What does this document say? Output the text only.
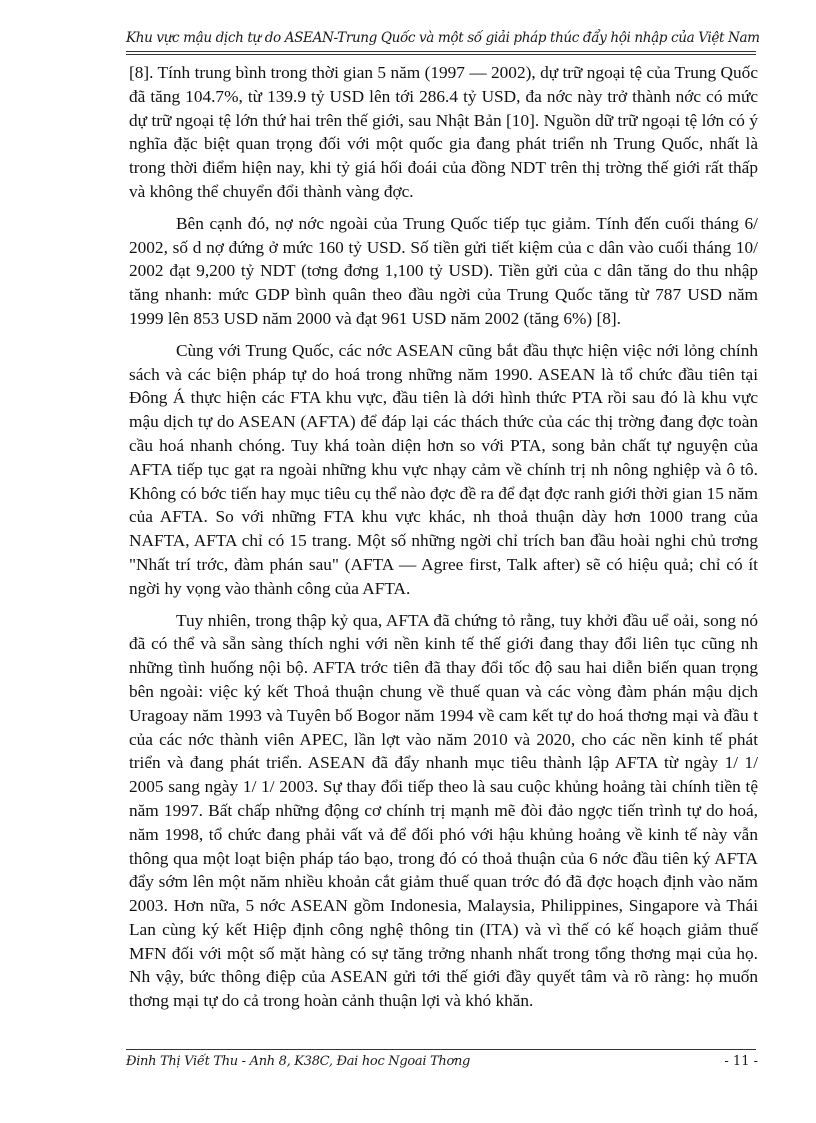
Khu vực mậu dịch tự do ASEAN-Trung Quốc và một số giải pháp thúc đẩy hội nhập của Việt Nam

[8]. Tính trung bình trong thời gian 5 năm (1997 — 2002), dự trữ ngoại tệ của Trung Quốc đã tăng 104.7%, từ 139.9 tỷ USD lên tới 286.4 tỷ USD, đa nớc này trở thành nớc có mức dự trữ ngoại tệ lớn thứ hai trên thế giới, sau Nhật Bản [10]. Nguồn dữ trữ ngoại tệ lớn có ý nghĩa đặc biệt quan trọng đối với một quốc gia đang phát triển nh Trung Quốc, nhất là trong thời điểm hiện nay, khi tỷ giá hối đoái của đồng NDT trên thị trờng thế giới rất thấp và không thể chuyển đổi thành vàng đợc.

Bên cạnh đó, nợ nớc ngoài của Trung Quốc tiếp tục giảm. Tính đến cuối tháng 6/ 2002, số d nợ đứng ở mức 160 tỷ USD. Số tiền gửi tiết kiệm của c dân vào cuối tháng 10/ 2002 đạt 9,200 tỷ NDT (tơng đơng 1,100 tỷ USD). Tiền gửi của c dân tăng do thu nhập tăng nhanh: mức GDP bình quân theo đầu ngời của Trung Quốc tăng từ 787 USD năm 1999 lên 853 USD năm 2000 và đạt 961 USD năm 2002 (tăng 6%) [8].

Cùng với Trung Quốc, các nớc ASEAN cũng bắt đầu thực hiện việc nới lỏng chính sách và các biện pháp tự do hoá trong những năm 1990. ASEAN là tổ chức đầu tiên tại Đông Á thực hiện các FTA khu vực, đầu tiên là dới hình thức PTA rồi sau đó là khu vực mậu dịch tự do ASEAN (AFTA) để đáp lại các thách thức của các thị trờng đang đợc toàn cầu hoá nhanh chóng. Tuy khá toàn diện hơn so với PTA, song bản chất tự nguyện của AFTA tiếp tục gạt ra ngoài những khu vực nhạy cảm về chính trị nh nông nghiệp và ô tô. Không có bớc tiến hay mục tiêu cụ thể nào đợc đề ra để đạt đợc ranh giới thời gian 15 năm của AFTA. So với những FTA khu vực khác, nh thoả thuận dày hơn 1000 trang của NAFTA, AFTA chỉ có 15 trang. Một số những ngời chỉ trích ban đầu hoài nghi chủ trơng "Nhất trí trớc, đàm phán sau" (AFTA — Agree first, Talk after) sẽ có hiệu quả; chỉ có ít ngời hy vọng vào thành công của AFTA.

Tuy nhiên, trong thập kỷ qua, AFTA đã chứng tỏ rằng, tuy khởi đầu uể oải, song nó đã có thể và sẵn sàng thích nghi với nền kinh tế thế giới đang thay đổi liên tục cũng nh những tình huống nội bộ. AFTA trớc tiên đã thay đổi tốc độ sau hai diễn biến quan trọng bên ngoài: việc ký kết Thoả thuận chung về thuế quan và các vòng đàm phán mậu dịch Uragoay năm 1993 và Tuyên bố Bogor năm 1994 về cam kết tự do hoá thơng mại và đầu t của các nớc thành viên APEC, lần lợt vào năm 2010 và 2020, cho các nền kinh tế phát triển và đang phát triển. ASEAN đã đẩy nhanh mục tiêu thành lập AFTA từ ngày 1/ 1/ 2005 sang ngày 1/ 1/ 2003. Sự thay đổi tiếp theo là sau cuộc khủng hoảng tài chính tiền tệ năm 1997. Bất chấp những động cơ chính trị mạnh mẽ đòi đảo ngợc tiến trình tự do hoá, năm 1998, tổ chức đang phải vất vả để đối phó với hậu khủng hoảng về kinh tế này vẫn thông qua một loạt biện pháp táo bạo, trong đó có thoả thuận của 6 nớc đầu tiên ký AFTA đẩy sớm lên một năm nhiều khoản cắt giảm thuế quan trớc đó đã đợc hoạch định vào năm 2003. Hơn nữa, 5 nớc ASEAN gồm Indonesia, Malaysia, Philippines, Singapore và Thái Lan cùng ký kết Hiệp định công nghệ thông tin (ITA) và vì thế có kế hoạch giảm thuế MFN đối với một số mặt hàng có sự tăng trởng nhanh nhất trong tổng thơng mại của họ. Nh vậy, bức thông điệp của ASEAN gửi tới thế giới đầy quyết tâm và rõ ràng: họ muốn thơng mại tự do cả trong hoàn cảnh thuận lợi và khó khăn.

Đinh Thị Viết Thu - Anh 8, K38C, Đai hoc Ngoai Thơng	- 11 -
